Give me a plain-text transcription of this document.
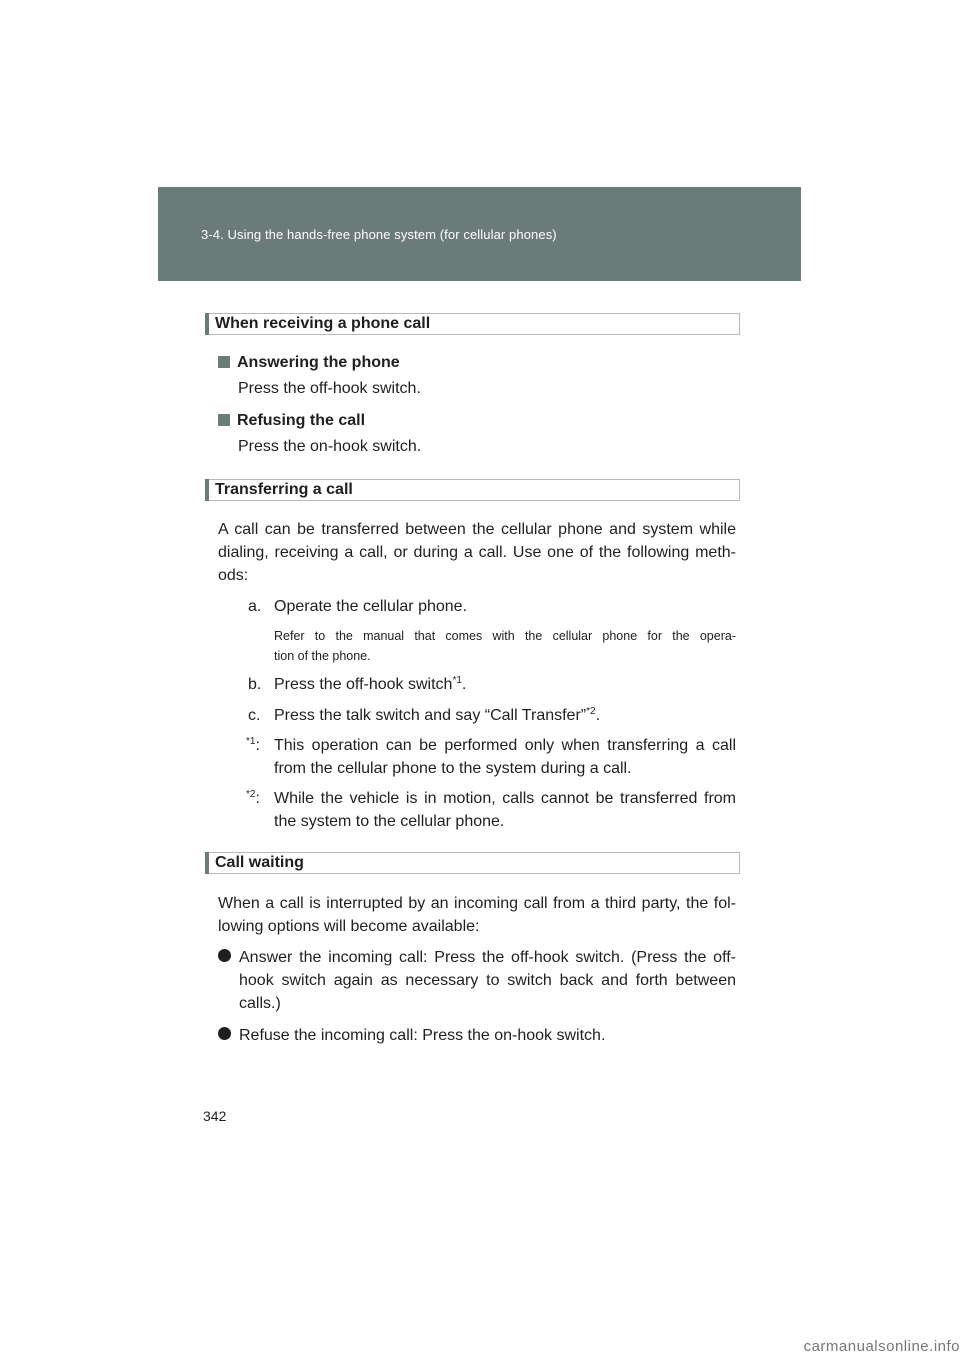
3-4. Using the hands-free phone system (for cellular phones)
When receiving a phone call
Answering the phone
Press the off-hook switch.
Refusing the call
Press the on-hook switch.
Transferring a call
A call can be transferred between the cellular phone and system while
dialing, receiving a call, or during a call. Use one of the following meth-
ods:
a. Operate the cellular phone.
Refer to the manual that comes with the cellular phone for the opera-
tion of the phone.
b. Press the off-hook switch$^{*1}$.
c. Press the talk switch and say “Call Transfer”$^{*2}$.
$^{*1}$: This operation can be performed only when transferring a call
from the cellular phone to the system during a call.
$^{*2}$: While the vehicle is in motion, calls cannot be transferred from
the system to the cellular phone.
Call waiting
When a call is interrupted by an incoming call from a third party, the fol-
lowing options will become available:
Answer the incoming call: Press the off-hook switch. (Press the off-
hook switch again as necessary to switch back and forth between
calls.)
Refuse the incoming call: Press the on-hook switch.
342
carmanualsonline.info
